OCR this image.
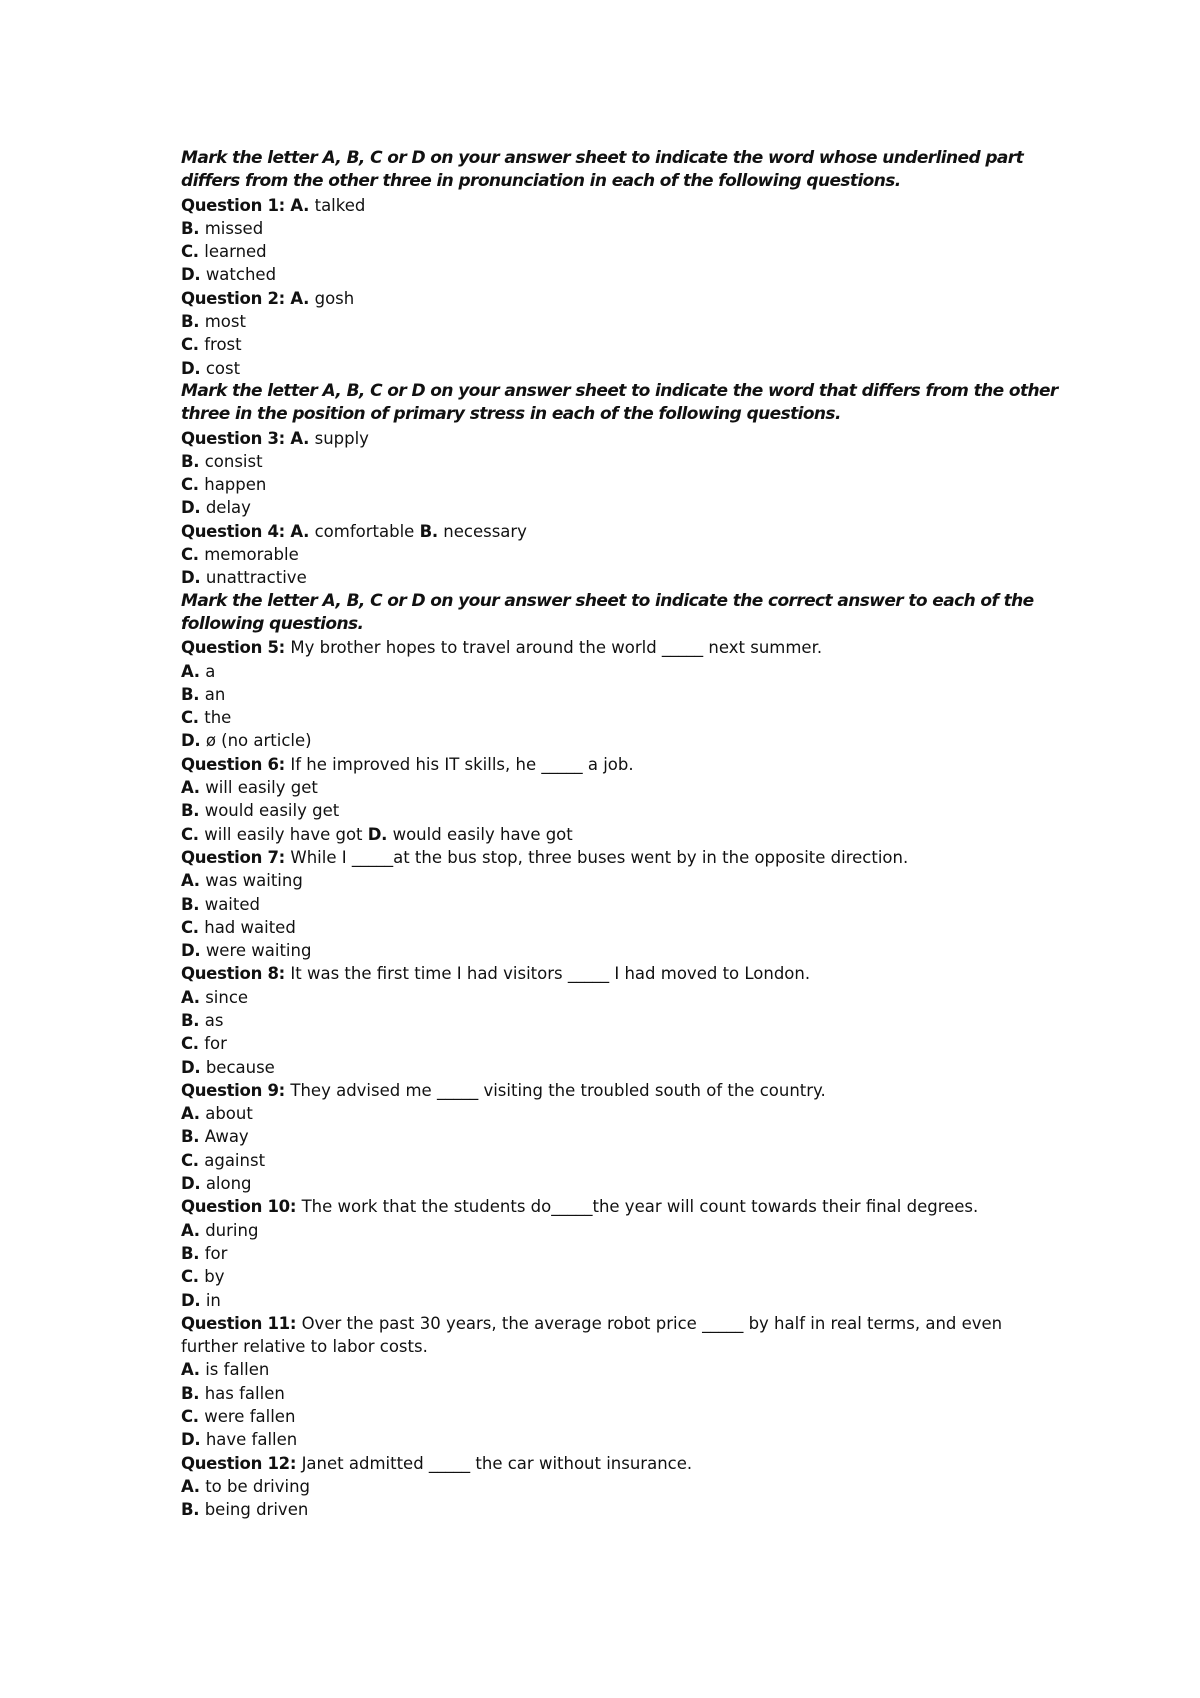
Mark the letter A, B, C or D on your answer sheet to indicate the word whose underlined part differs from the other three in pronunciation in each of the following questions.
Question 1: A. talked
B. missed
C. learned
D. watched
Question 2: A. gosh
B. most
C. frost
D. cost
Mark the letter A, B, C or D on your answer sheet to indicate the word that differs from the other three in the position of primary stress in each of the following questions.
Question 3: A. supply
B. consist
C. happen
D. delay
Question 4: A. comfortable B. necessary
C. memorable
D. unattractive
Mark the letter A, B, C or D on your answer sheet to indicate the correct answer to each of the following questions.
Question 5: My brother hopes to travel around the world _____ next summer.
A. a
B. an
C. the
D. ø (no article)
Question 6: If he improved his IT skills, he _____ a job.
A. will easily get
B. would easily get
C. will easily have got D. would easily have got
Question 7: While I _____at the bus stop, three buses went by in the opposite direction.
A. was waiting
B. waited
C. had waited
D. were waiting
Question 8: It was the first time I had visitors _____ I had moved to London.
A. since
B. as
C. for
D. because
Question 9: They advised me _____ visiting the troubled south of the country.
A. about
B. Away
C. against
D. along
Question 10: The work that the students do_____the year will count towards their final degrees.
A. during
B. for
C. by
D. in
Question 11: Over the past 30 years, the average robot price _____ by half in real terms, and even
further relative to labor costs.
A. is fallen
B. has fallen
C. were fallen
D. have fallen
Question 12: Janet admitted _____ the car without insurance.
A. to be driving
B. being driven
